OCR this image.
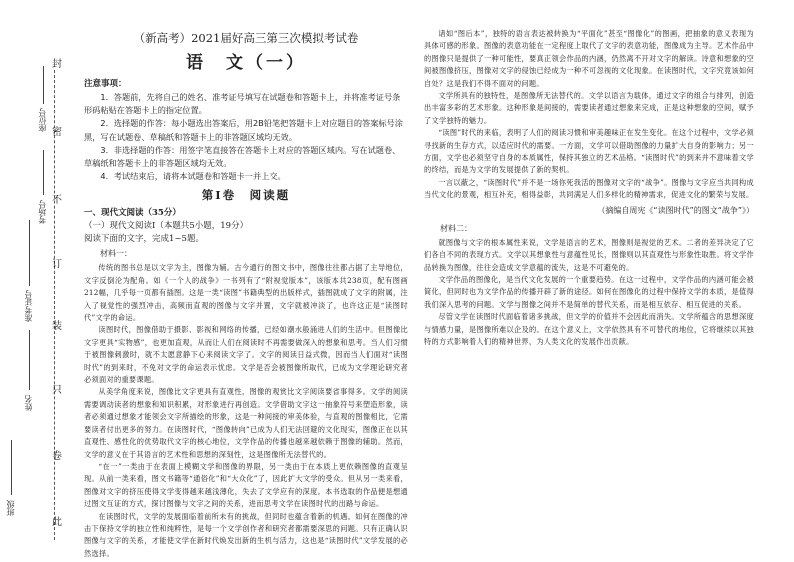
封
密
不
订
装
只
卷
此
班级
姓名
准考证号
考场号
座位号

（新高考）2021届好高三第三次模拟考试卷

语　文（一）

注意事项：

1．答题前，先将自己的姓名、准考证号填写在试题卷和答题卡上，并将准考证号条形码粘贴在答题卡上的指定位置。

2．选择题的作答：每小题选出答案后，用2B铅笔把答题卡上对应题目的答案标号涂黑，写在试题卷、草稿纸和答题卡上的非答题区域均无效。

3．非选择题的作答：用签字笔直接答在答题卡上对应的答题区域内。写在试题卷、草稿纸和答题卡上的非答题区域均无效。

4．考试结束后，请将本试题卷和答题卡一并上交。

第Ⅰ卷　阅读题

一、现代文阅读（35分）

（一）现代文阅读Ⅰ（本题共5小题，19分）

阅读下面的文字，完成1~5题。

材料一：

传统的图书总是以文字为主，图像为辅。古今通行的图文书中，图像往往都占据了主导地位，文字反倒沦为配角。如《一个人的战争》一书列有了“附视觉版本”，该版本共238页，配有图画212幅，几乎每一页都有插图。这是一类“读图”书籍典型的出版样式，插图就成了文字的附属，注入了视觉性的强烈冲击，高频而直观的图像与文字并置，文字就被冲淡了，也许这正是“读图时代”文学的命运。

读图时代，图像借助于摄影、影视和网络的传播，已经如潮水般涌进人们的生活中。但图像比文字更具“实物感”，也更加直观，从而让人们在阅读时不再需要做深入的想象和思考。当人们习惯于被图像刺激时，就不太愿意静下心来阅读文字了。文字的阅读日益式微，因而当人们面对“读图时代”的到来时，不免对文学的命运表示忧虑。文学是否会被图像所取代，已成为文学理论研究者必须面对的重要课题。

从美学角度来说，图像比文字更具有直观性，图像的观赏比文字阅读要省事得多。文学的阅读需要调动读者的想象和知识积累，对形象进行再创造。文学借助文字这一抽象符号来塑造形象，读者必须通过想象才能领会文字所描绘的形象，这是一种间接的审美体验，与直观的图像相比，它需要读者付出更多的努力。在读图时代，“图像转向”已成为人们无法回避的文化现实，图像正在以其直观性、感性化的优势取代文字的核心地位，文学作品的传播也越来越依赖于图像的辅助。然而，文学的意义在于其语言的艺术性和思想的深刻性，这是图像所无法替代的。

“在一”一类由于在表面上模糊文学和图像的界限，另一类由于在本质上更依赖图像的直观呈现。从前一类来看，图文书籍等“通俗化”和“大众化”了，因此扩大文学的受众。但从另一类来看，图像对文字的挤压使得文学变得越来越浅薄化，失去了文学应有的深度。本书选取的作品便是想通过图文互证的方式，探讨图像与文字之间的关系，进而思考文学在读图时代的出路与命运。

在读图时代，文学的发展面临着前所未有的挑战，但同时也蕴含着新的机遇。如何在图像的冲击下保持文学的独立性和纯粹性，是每一个文学创作者和研究者都需要深思的问题。只有正确认识图像与文字的关系，才能使文学在新时代焕发出新的生机与活力，这也是“读图时代”文学发展的必然选择。

诸如“图后本”，独特的语言表达被转换为“平面化”甚至“图像化”的图画，把抽象的意义表现为具体可感的形象。图像的表意功能在一定程度上取代了文字的表意功能，图像成为主导。艺术作品中的图像只是提供了一种可能性，要真正领会作品的内涵，仍然离不开对文字的解读。诗意和想象的空间被图像挤压，图像对文字的侵蚀已经成为一种不可忽视的文化现象。在读图时代，文字究竟该如何自处？这是我们不得不面对的问题。

文学所具有的独特性，是图像所无法替代的。文学以语言为载体，通过文字的组合与排列，创造出丰富多彩的艺术形象。这种形象是间接的，需要读者通过想象来完成，正是这种想象的空间，赋予了文学独特的魅力。

“读图”时代的来临，表明了人们的阅读习惯和审美趣味正在发生变化。在这个过程中，文学必须寻找新的生存方式，以适应时代的需要。一方面，文学可以借助图像的力量扩大自身的影响力；另一方面，文学也必须坚守自身的本质属性，保持其独立的艺术品格。“读图时代”的到来并不意味着文学的终结，而是为文学的发展提供了新的契机。

一言以蔽之，“读图时代”并不是一场你死我活的图像对文字的“战争”。图像与文字应当共同构成当代文化的景观，相互补充，相得益彰，共同满足人们多样化的精神需求，促进文化的繁荣与发展。

（摘编自周宪《“读图时代”的图文“战争”》）

材料二：

就图像与文字的根本属性来说，文学是语言的艺术，图像则是视觉的艺术。二者的差异决定了它们各自不同的表现方式。文学以其想象性与意蕴性见长，图像则以其直观性与形象性取胜。将文学作品转换为图像，往往会造成文学意蕴的流失，这是不可避免的。

文学作品的图像化，是当代文化发展的一个重要趋势。在这一过程中，文学作品的内涵可能会被简化，但同时也为文学作品的传播开辟了新的途径。如何在图像化的过程中保持文学的本质，是值得我们深入思考的问题。文学与图像之间并不是简单的替代关系，而是相互依存、相互促进的关系。

尽管文学在读图时代面临着诸多挑战，但文学的价值并不会因此而消失。文学所蕴含的思想深度与情感力量，是图像所难以企及的。在这个意义上，文学依然具有不可替代的地位，它将继续以其独特的方式影响着人们的精神世界，为人类文化的发展作出贡献。
